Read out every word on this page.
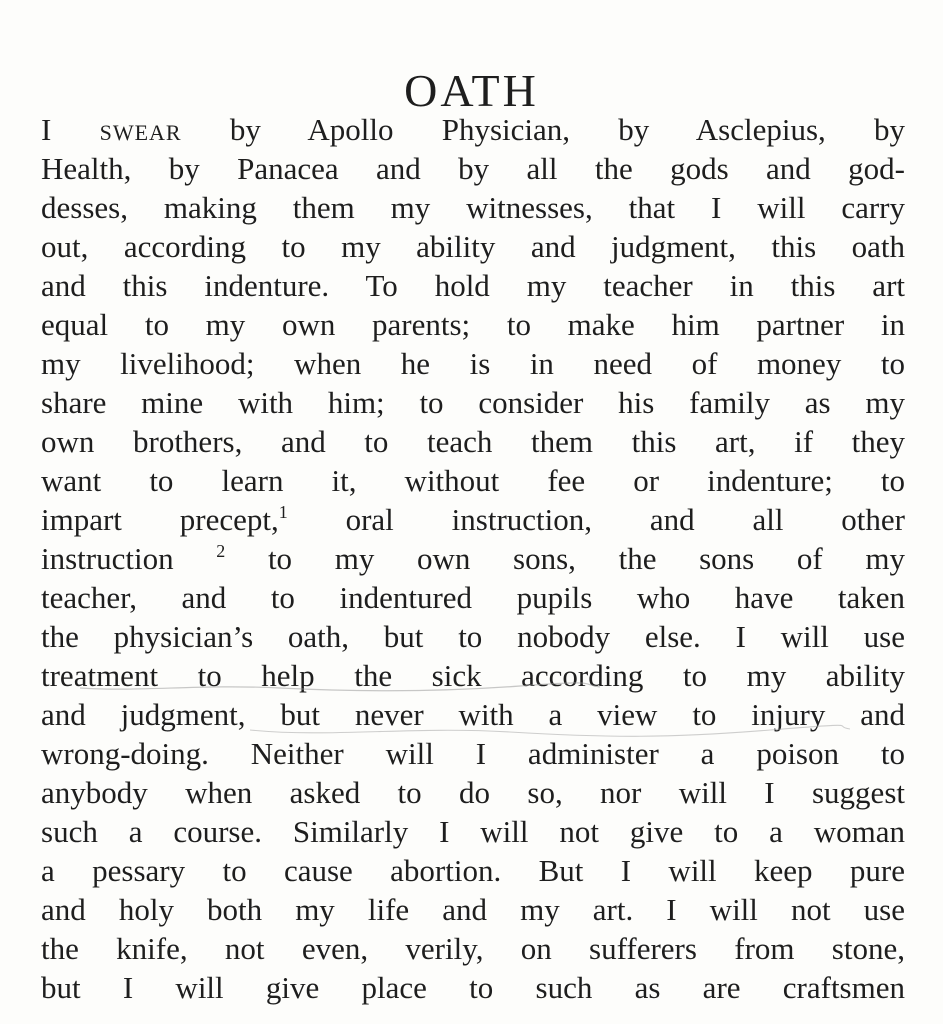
OATH
I swear by Apollo Physician, by Asclepius, by
Health, by Panacea and by all the gods and god-
desses, making them my witnesses, that I will carry
out, according to my ability and judgment, this oath
and this indenture. To hold my teacher in this art
equal to my own parents; to make him partner in
my livelihood; when he is in need of money to
share mine with him; to consider his family as my
own brothers, and to teach them this art, if they
want to learn it, without fee or indenture; to
impart precept,$^1$ oral instruction, and all other
instruction $^2$ to my own sons, the sons of my
teacher, and to indentured pupils who have taken
the physician’s oath, but to nobody else. I will use
treatment to help the sick according to my ability
and judgment, but never with a view to injury and
wrong-doing. Neither will I administer a poison to
anybody when asked to do so, nor will I suggest
such a course. Similarly I will not give to a woman
a pessary to cause abortion. But I will keep pure
and holy both my life and my art. I will not use
the knife, not even, verily, on sufferers from stone,
but I will give place to such as are craftsmen
